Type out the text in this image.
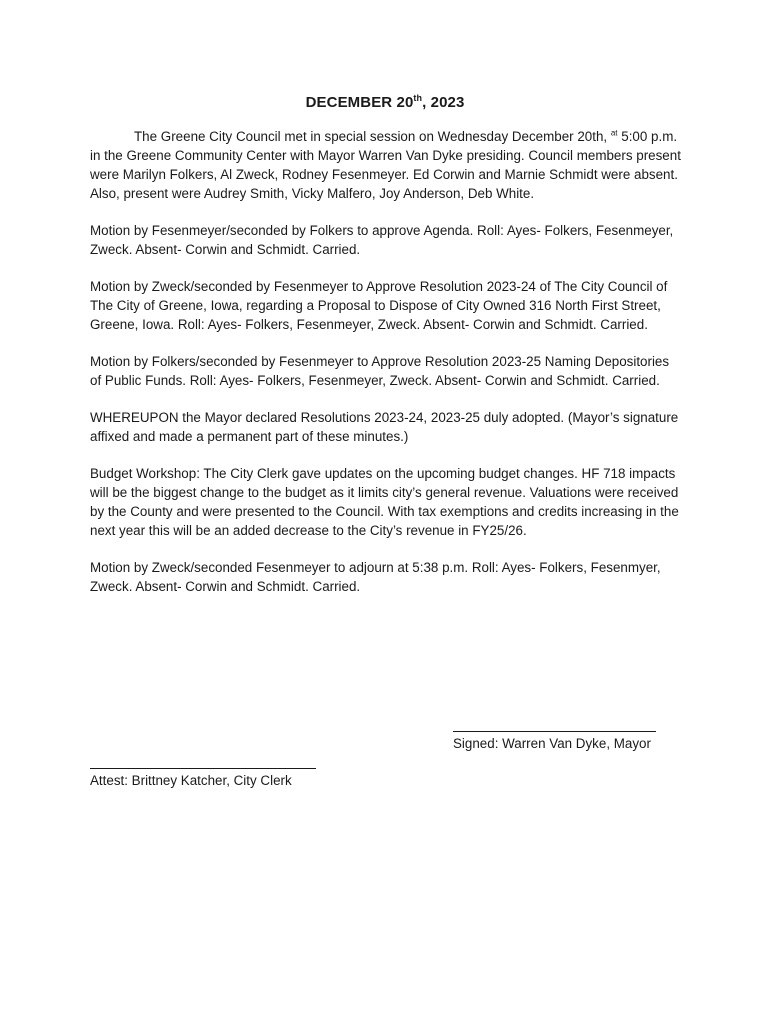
DECEMBER 20th, 2023

The Greene City Council met in special session on Wednesday December 20th, $^{at}$ 5:00 p.m. in the Greene Community Center with Mayor Warren Van Dyke presiding. Council members present were Marilyn Folkers, Al Zweck, Rodney Fesenmeyer. Ed Corwin and Marnie Schmidt were absent. Also, present were Audrey Smith, Vicky Malfero, Joy Anderson, Deb White.

Motion by Fesenmeyer/seconded by Folkers to approve Agenda. Roll: Ayes- Folkers, Fesenmeyer, Zweck. Absent- Corwin and Schmidt. Carried.

Motion by Zweck/seconded by Fesenmeyer to Approve Resolution 2023-24 of The City Council of The City of Greene, Iowa, regarding a Proposal to Dispose of City Owned 316 North First Street, Greene, Iowa. Roll: Ayes- Folkers, Fesenmeyer, Zweck. Absent- Corwin and Schmidt. Carried.

Motion by Folkers/seconded by Fesenmeyer to Approve Resolution 2023-25 Naming Depositories of Public Funds. Roll: Ayes- Folkers, Fesenmeyer, Zweck. Absent- Corwin and Schmidt. Carried.

WHEREUPON the Mayor declared Resolutions 2023-24, 2023-25 duly adopted. (Mayor’s signature affixed and made a permanent part of these minutes.)

Budget Workshop: The City Clerk gave updates on the upcoming budget changes. HF 718 impacts will be the biggest change to the budget as it limits city’s general revenue. Valuations were received by the County and were presented to the Council. With tax exemptions and credits increasing in the next year this will be an added decrease to the City’s revenue in FY25/26.

Motion by Zweck/seconded Fesenmeyer to adjourn at 5:38 p.m. Roll: Ayes- Folkers, Fesenmyer, Zweck. Absent- Corwin and Schmidt. Carried.

Signed: Warren Van Dyke, Mayor
Attest: Brittney Katcher, City Clerk
